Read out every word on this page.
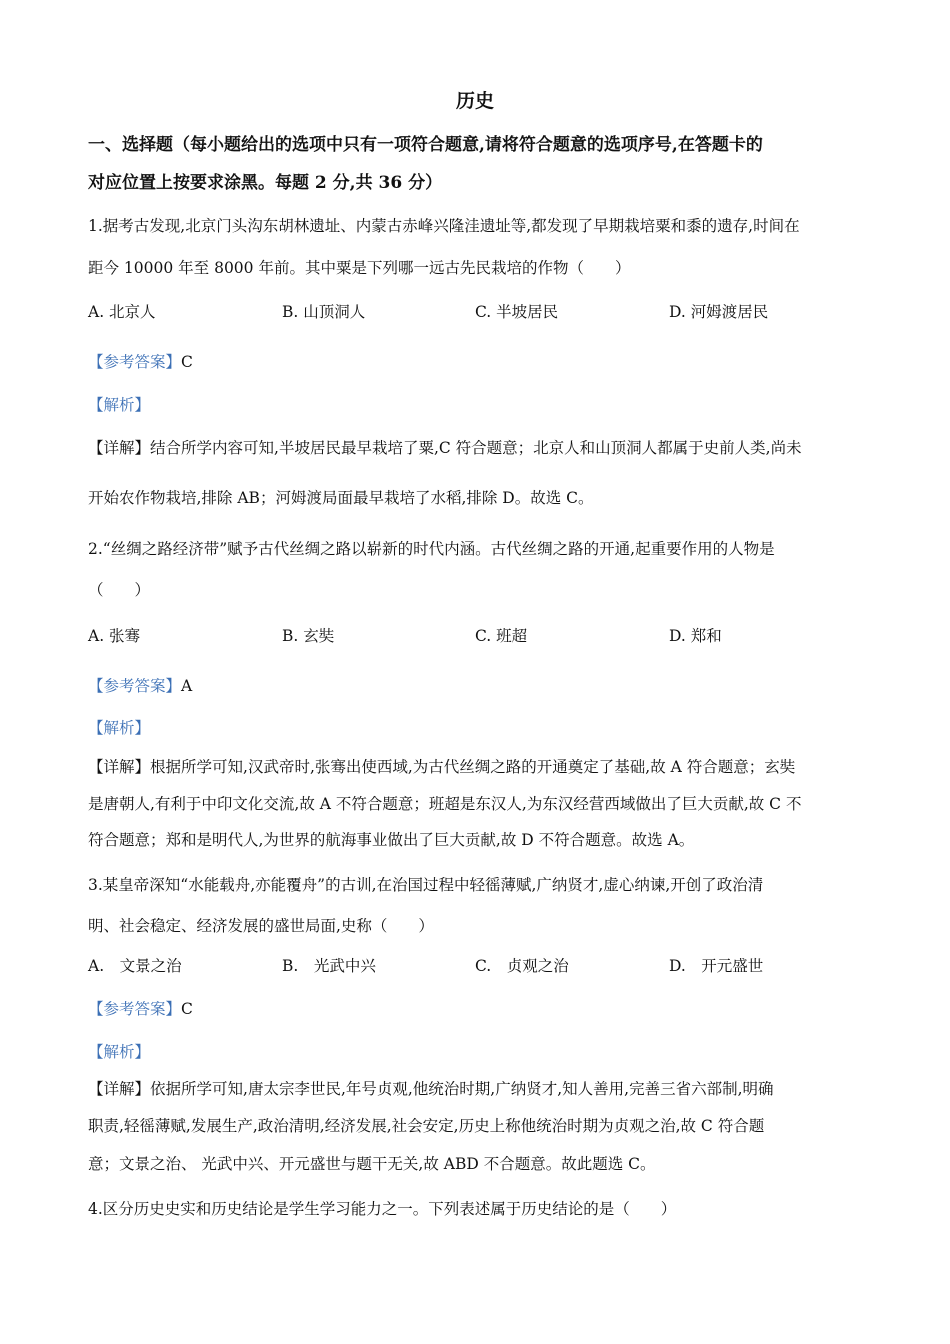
历史
一、选择题（每小题给出的选项中只有一项符合题意,请将符合题意的选项序号,在答题卡的
对应位置上按要求涂黑。每题 2 分,共 36 分）
1.据考古发现,北京门头沟东胡林遗址、内蒙古赤峰兴隆洼遗址等,都发现了早期栽培粟和黍的遗存,时间在
距今 10000 年至 8000 年前。其中粟是下列哪一远古先民栽培的作物（　　）
A. 北京人	B. 山顶洞人	C. 半坡居民	D. 河姆渡居民
【参考答案】C
【解析】
【详解】结合所学内容可知,半坡居民最早栽培了粟,C 符合题意；北京人和山顶洞人都属于史前人类,尚未
开始农作物栽培,排除 AB；河姆渡局面最早栽培了水稻,排除 D。故选 C。
2.“丝绸之路经济带”赋予古代丝绸之路以崭新的时代内涵。古代丝绸之路的开通,起重要作用的人物是
（　　）
A. 张骞	B. 玄奘	C. 班超	D. 郑和
【参考答案】A
【解析】
【详解】根据所学可知,汉武帝时,张骞出使西域,为古代丝绸之路的开通奠定了基础,故 A 符合题意；玄奘
是唐朝人,有利于中印文化交流,故 A 不符合题意；班超是东汉人,为东汉经营西域做出了巨大贡献,故 C 不
符合题意；郑和是明代人,为世界的航海事业做出了巨大贡献,故 D 不符合题意。故选 A。
3.某皇帝深知“水能载舟,亦能覆舟”的古训,在治国过程中轻徭薄赋,广纳贤才,虚心纳谏,开创了政治清
明、社会稳定、经济发展的盛世局面,史称（　　）
A.　文景之治	B.　光武中兴	C.　贞观之治	D.　开元盛世
【参考答案】C
【解析】
【详解】依据所学可知,唐太宗李世民,年号贞观,他统治时期,广纳贤才,知人善用,完善三省六部制,明确
职责,轻徭薄赋,发展生产,政治清明,经济发展,社会安定,历史上称他统治时期为贞观之治,故 C 符合题
意；文景之治、 光武中兴、开元盛世与题干无关,故 ABD 不合题意。故此题选 C。
4.区分历史史实和历史结论是学生学习能力之一。下列表述属于历史结论的是（　　）
